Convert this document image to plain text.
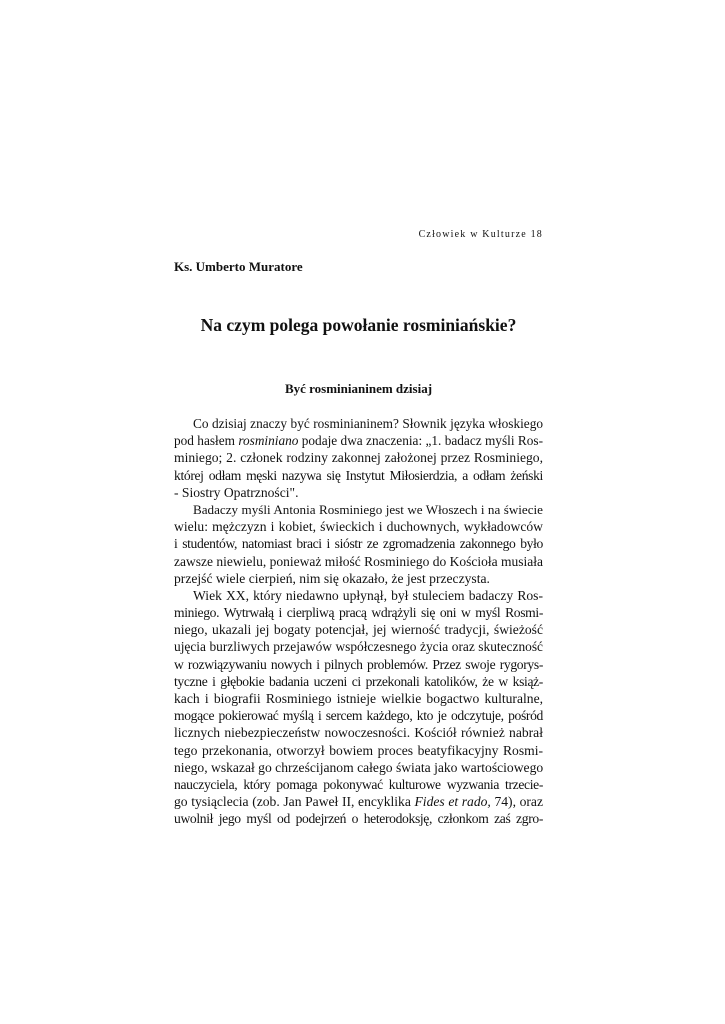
Człowiek w Kulturze 18
Ks. Umberto Muratore
Na czym polega powołanie rosminiańskie?
Być rosminianinem dzisiaj
Co dzisiaj znaczy być rosminianinem? Słownik języka włoskiego
pod hasłem rosminiano podaje dwa znaczenia: „1. badacz myśli Ros-
miniego; 2. członek rodziny zakonnej założonej przez Rosminiego,
której odłam męski nazywa się Instytut Miłosierdzia, a odłam żeński
- Siostry Opatrzności".
Badaczy myśli Antonia Rosminiego jest we Włoszech i na świecie
wielu: mężczyzn i kobiet, świeckich i duchownych, wykładowców
i studentów, natomiast braci i sióstr ze zgromadzenia zakonnego było
zawsze niewielu, ponieważ miłość Rosminiego do Kościoła musiała
przejść wiele cierpień, nim się okazało, że jest przeczysta.
Wiek XX, który niedawno upłynął, był stuleciem badaczy Ros-
miniego. Wytrwałą i cierpliwą pracą wdrążyli się oni w myśl Rosmi-
niego, ukazali jej bogaty potencjał, jej wierność tradycji, świeżość
ujęcia burzliwych przejawów współczesnego życia oraz skuteczność
w rozwiązywaniu nowych i pilnych problemów. Przez swoje rygorys-
tyczne i głębokie badania uczeni ci przekonali katolików, że w książ-
kach i biografii Rosminiego istnieje wielkie bogactwo kulturalne,
mogące pokierować myślą i sercem każdego, kto je odczytuje, pośród
licznych niebezpieczeństw nowoczesności. Kościół również nabrał
tego przekonania, otworzył bowiem proces beatyfikacyjny Rosmi-
niego, wskazał go chrześcijanom całego świata jako wartościowego
nauczyciela, który pomaga pokonywać kulturowe wyzwania trzecie-
go tysiąclecia (zob. Jan Paweł II, encyklika Fides et rado, 74), oraz
uwolnił jego myśl od podejrzeń o heterodoksję, członkom zaś zgro-
